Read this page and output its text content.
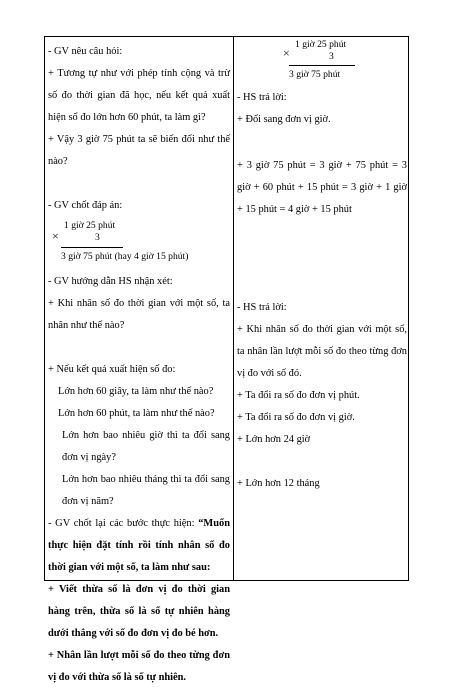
- GV nêu câu hỏi:

+ Tương tự như với phép tính cộng và trừ số đo thời gian đã học, nếu kết quả xuất hiện số đo lớn hơn 60 phút, ta làm gì?

+ Vậy 3 giờ 75 phút ta sẽ biến đổi như thế nào?

- GV chốt đáp án:

×
1 giờ 25 phút
3
3 giờ 75 phút (hay 4 giờ 15 phút)

- GV hướng dẫn HS nhận xét:

+ Khi nhân số đo thời gian với một số, ta nhân như thế nào?

+ Nếu kết quả xuất hiện số đo:

Lớn hơn 60 giây, ta làm như thế nào?

Lớn hơn 60 phút, ta làm như thế nào?

Lớn hơn bao nhiêu giờ thì ta đổi sang đơn vị ngày?

Lớn hơn bao nhiêu tháng thì ta đổi sang đơn vị năm?

- GV chốt lại các bước thực hiện: “Muốn thực hiện đặt tính rồi tính nhân số đo thời gian với một số, ta làm như sau:

+ Viết thừa số là đơn vị đo thời gian hàng trên, thừa số là số tự nhiên hàng dưới thẳng với số đo đơn vị đo bé hơn.

+ Nhân lần lượt mỗi số đo theo từng đơn vị đo với thừa số là số tự nhiên.

×
1 giờ 25 phút
3
3 giờ 75 phút

- HS trả lời:

+ Đổi sang đơn vị giờ.

+ 3 giờ 75 phút = 3 giờ + 75 phút = 3 giờ + 60 phút + 15 phút = 3 giờ + 1 giờ + 15 phút = 4 giờ + 15 phút

- HS trả lời:

+ Khi nhân số đo thời gian với một số, ta nhân lần lượt mỗi số đo theo từng đơn vị đo với số đó.

+ Ta đổi ra số đo đơn vị phút.

+ Ta đổi ra số đo đơn vị giờ.

+ Lớn hơn 24 giờ

+ Lớn hơn 12 tháng
